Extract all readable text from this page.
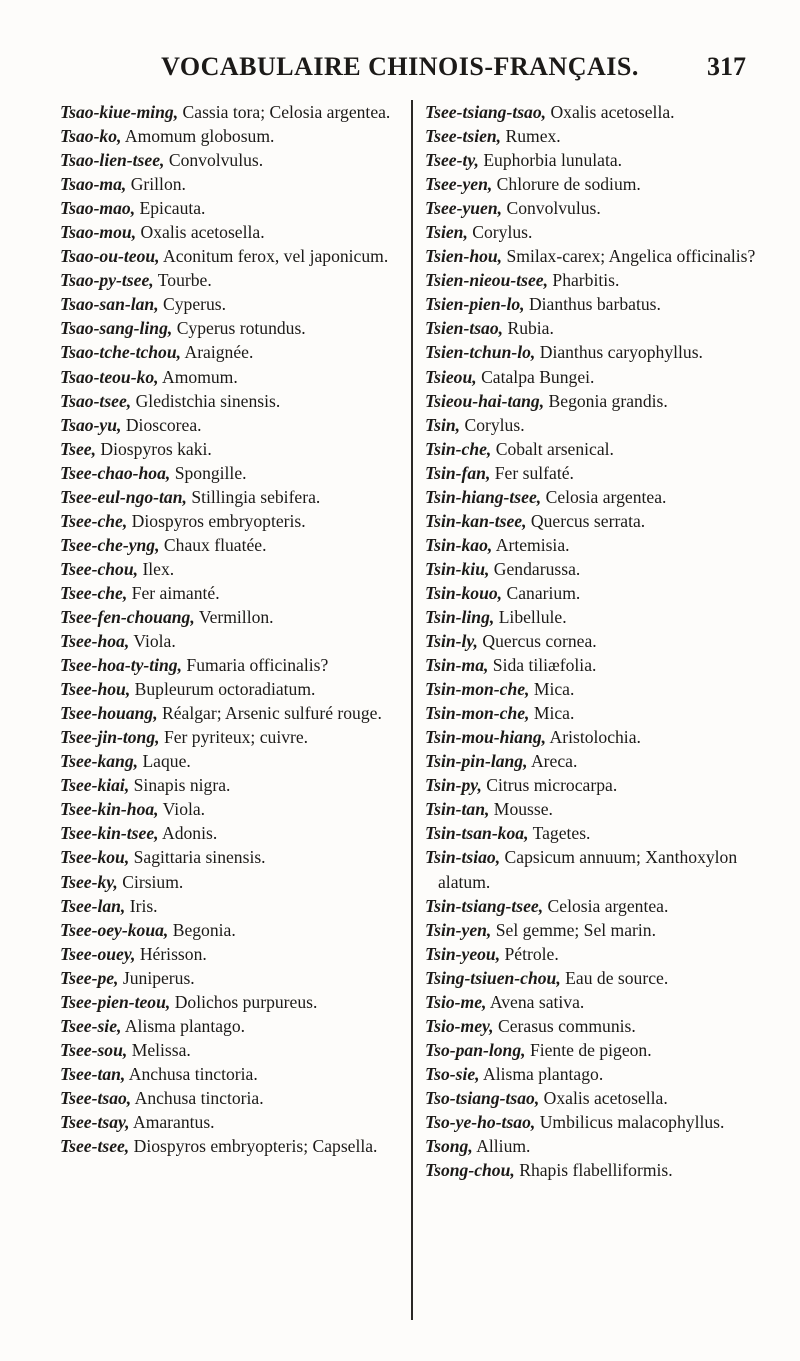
VOCABULAIRE CHINOIS-FRANÇAIS.	317

Tsao-kiue-ming, Cassia tora; Celosia argentea.

Tsao-ko, Amomum globosum.

Tsao-lien-tsee, Convolvulus.

Tsao-ma, Grillon.

Tsao-mao, Epicauta.

Tsao-mou, Oxalis acetosella.

Tsao-ou-teou, Aconitum ferox, vel japonicum.

Tsao-py-tsee, Tourbe.

Tsao-san-lan, Cyperus.

Tsao-sang-ling, Cyperus rotundus.

Tsao-tche-tchou, Araignée.

Tsao-teou-ko, Amomum.

Tsao-tsee, Gledistchia sinensis.

Tsao-yu, Dioscorea.

Tsee, Diospyros kaki.

Tsee-chao-hoa, Spongille.

Tsee-eul-ngo-tan, Stillingia sebifera.

Tsee-che, Diospyros embryopteris.

Tsee-che-yng, Chaux fluatée.

Tsee-chou, Ilex.

Tsee-che, Fer aimanté.

Tsee-fen-chouang, Vermillon.

Tsee-hoa, Viola.

Tsee-hoa-ty-ting, Fumaria officinalis?

Tsee-hou, Bupleurum octoradiatum.

Tsee-houang, Réalgar; Arsenic sulfuré rouge.

Tsee-jin-tong, Fer pyriteux; cuivre.

Tsee-kang, Laque.

Tsee-kiai, Sinapis nigra.

Tsee-kin-hoa, Viola.

Tsee-kin-tsee, Adonis.

Tsee-kou, Sagittaria sinensis.

Tsee-ky, Cirsium.

Tsee-lan, Iris.

Tsee-oey-koua, Begonia.

Tsee-ouey, Hérisson.

Tsee-pe, Juniperus.

Tsee-pien-teou, Dolichos purpureus.

Tsee-sie, Alisma plantago.

Tsee-sou, Melissa.

Tsee-tan, Anchusa tinctoria.

Tsee-tsao, Anchusa tinctoria.

Tsee-tsay, Amarantus.

Tsee-tsee, Diospyros embryopteris; Capsella.

Tsee-tsiang-tsao, Oxalis acetosella.

Tsee-tsien, Rumex.

Tsee-ty, Euphorbia lunulata.

Tsee-yen, Chlorure de sodium.

Tsee-yuen, Convolvulus.

Tsien, Corylus.

Tsien-hou, Smilax-carex; Angelica officinalis?

Tsien-nieou-tsee, Pharbitis.

Tsien-pien-lo, Dianthus barbatus.

Tsien-tsao, Rubia.

Tsien-tchun-lo, Dianthus caryophyllus.

Tsieou, Catalpa Bungei.

Tsieou-hai-tang, Begonia grandis.

Tsin, Corylus.

Tsin-che, Cobalt arsenical.

Tsin-fan, Fer sulfaté.

Tsin-hiang-tsee, Celosia argentea.

Tsin-kan-tsee, Quercus serrata.

Tsin-kao, Artemisia.

Tsin-kiu, Gendarussa.

Tsin-kouo, Canarium.

Tsin-ling, Libellule.

Tsin-ly, Quercus cornea.

Tsin-ma, Sida tiliæfolia.

Tsin-mon-che, Mica.

Tsin-mon-che, Mica.

Tsin-mou-hiang, Aristolochia.

Tsin-pin-lang, Areca.

Tsin-py, Citrus microcarpa.

Tsin-tan, Mousse.

Tsin-tsan-koa, Tagetes.

Tsin-tsiao, Capsicum annuum; Xanthoxylon alatum.

Tsin-tsiang-tsee, Celosia argentea.

Tsin-yen, Sel gemme; Sel marin.

Tsin-yeou, Pétrole.

Tsing-tsiuen-chou, Eau de source.

Tsio-me, Avena sativa.

Tsio-mey, Cerasus communis.

Tso-pan-long, Fiente de pigeon.

Tso-sie, Alisma plantago.

Tso-tsiang-tsao, Oxalis acetosella.

Tso-ye-ho-tsao, Umbilicus malacophyllus.

Tsong, Allium.

Tsong-chou, Rhapis flabelliformis.
